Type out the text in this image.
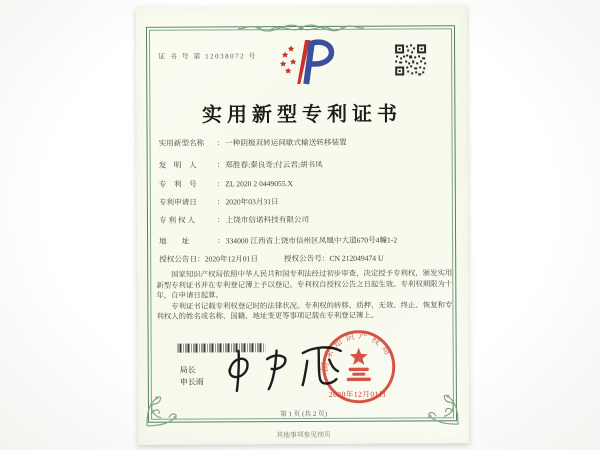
证 书 号 第 12038072 号
实用新型专利证书
实用新型名称 ：一种阴极双转运间歇式输送转移装置
发　明　人	：郑胜春;秦良奇;付云君;胡书凤
专　利　号	：ZL 2020 2 0449055.X
专利申请日	：2020年03月31日
专 利 权 人	：上饶市信诺科技有限公司
地　　址	：334000 江西省上饶市信州区凤凰中大道670号4幢1-2
授权公告日：2020年12月01日	授权公告号：CN 212049474 U

国家知识产权局依照中华人民共和国专利法经过初步审查，决定授予专利权，颁发实用新型专利证书并在专利登记簿上予以登记。专利权自授权公告之日起生效。专利权期限为十年，自申请日起算。

专利证书记载专利权登记时的法律状况。专利权的转移、质押、无效、终止、恢复和专利权人的姓名或名称、国籍、地址变更等事项记载在专利登记簿上。

局长
申长雨
国家知识产权局
2020年12月01日
第 1 页 (共 2 页)
其他事项参见续页
